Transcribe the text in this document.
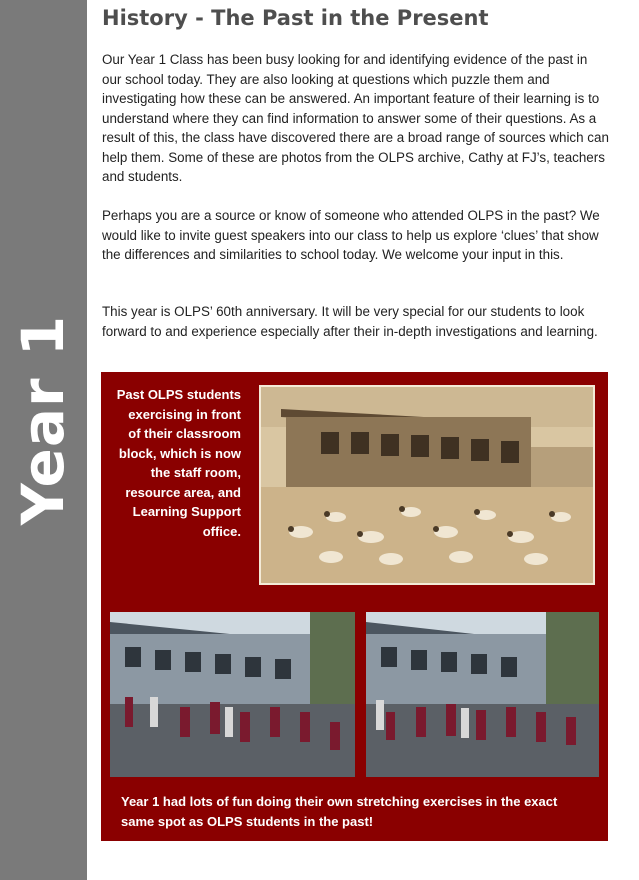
Year 1
History - The Past in the Present

Our Year 1 Class has been busy looking for and identifying evidence of the past in our school today. They are also looking at questions which puzzle them and investigating how these can be answered. An important feature of their learning is to understand where they can find information to answer some of their questions. As a result of this, the class have discovered there are a broad range of sources which can help them. Some of these are photos from the OLPS archive, Cathy at FJ’s, teachers and students.

Perhaps you are a source or know of someone who attended OLPS in the past? We would like to invite guest speakers into our class to help us explore ‘clues’ that show the differences and similarities to school today. We welcome your input in this.

This year is OLPS’ 60th anniversary. It will be very special for our students to look forward to and experience especially after their in-depth investigations and learning.

Past OLPS students exercising in front of their classroom block, which is now the staff room, resource area, and Learning Support office.

Year 1 had lots of fun doing their own stretching exercises in the exact same spot as OLPS students in the past!
